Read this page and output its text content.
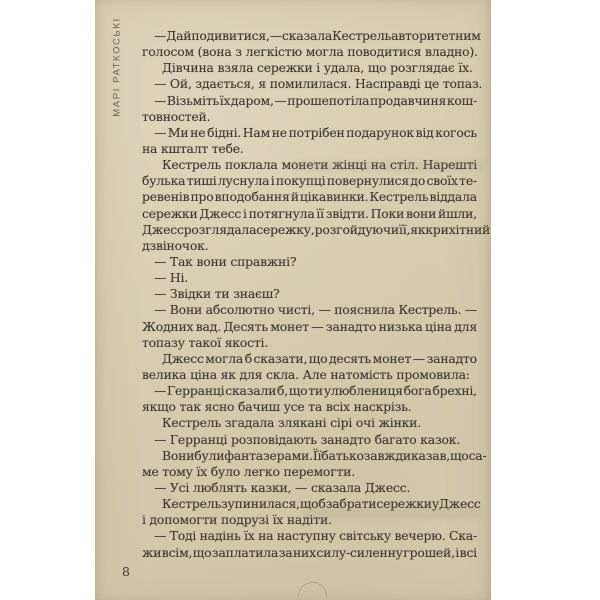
МАРІ РАТКОСЬКІ	— Дай подивитися, — сказала Кестрель авторитетним
голосом (вона з легкістю могла поводитися владно).
Дівчина взяла сережки і удала, що розглядає їх.
— Ой, здається, я помилилася. Насправді це топаз.
— Візьміть їх даром, — прошепотіла продавчиня кош-
товностей.
— Ми не бідні. Нам не потрібен подарунок від когось
на кшталт тебе.
Кестрель поклала монети жінці на стіл. Нарешті
булька тиші луснула і покупці повернулися до своїх те-
ревенів про вподобання й цікавинки. Кестрель віддала
сережки Джесс і потягнула її звідти. Поки вони йшли,
Джесс розглядала сережку, розгойдуючи її, як крихітний
дзвіночок.
— Так вони справжні?
— Ні.
— Звідки ти знаєш?
— Вони абсолютно чисті, — пояснила Кестрель. —
Жодних вад. Десять монет — занадто низька ціна для
топазу такої якості.
Джесс могла б сказати, що десять монет — занадто
велика ціна як для скла. Але натомість промовила:
— Герранці сказали б, що ти улюблениця бога брехні,
якщо так ясно бачиш усе та всіх наскрізь.
Кестрель згадала злякані сірі очі жінки.
— Герранці розповідають занадто багато казок.
Вони були фантазерами. Її батько завжди казав, що са-
ме тому їх було легко перемогти.
— Усі люблять казки, — сказала Джесс.
Кестрель зупинилася, щоб забрати сережки у Джесс
і допомогти подрузі їх надіти.
— Тоді надінь їх на наступну світську вечерю. Ска-
жи всім, що заплатила за них силу-силенну грошей, і всі
8
